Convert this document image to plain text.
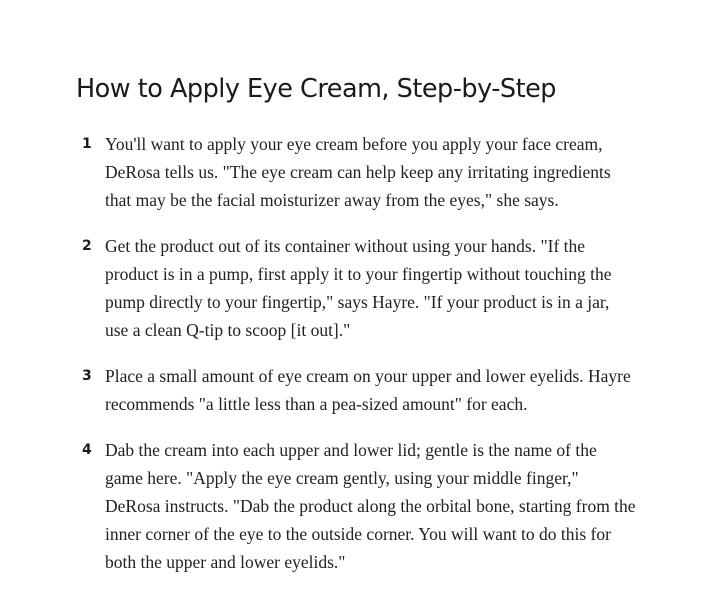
How to Apply Eye Cream, Step-by-Step
1 You'll want to apply your eye cream before you apply your face cream, DeRosa tells us. "The eye cream can help keep any irritating ingredients that may be the facial moisturizer away from the eyes," she says.
2 Get the product out of its container without using your hands. "If the product is in a pump, first apply it to your fingertip without touching the pump directly to your fingertip," says Hayre. "If your product is in a jar, use a clean Q-tip to scoop [it out]."
3 Place a small amount of eye cream on your upper and lower eyelids. Hayre recommends "a little less than a pea-sized amount" for each.
4 Dab the cream into each upper and lower lid; gentle is the name of the game here. "Apply the eye cream gently, using your middle finger," DeRosa instructs. "Dab the product along the orbital bone, starting from the inner corner of the eye to the outside corner. You will want to do this for both the upper and lower eyelids."
